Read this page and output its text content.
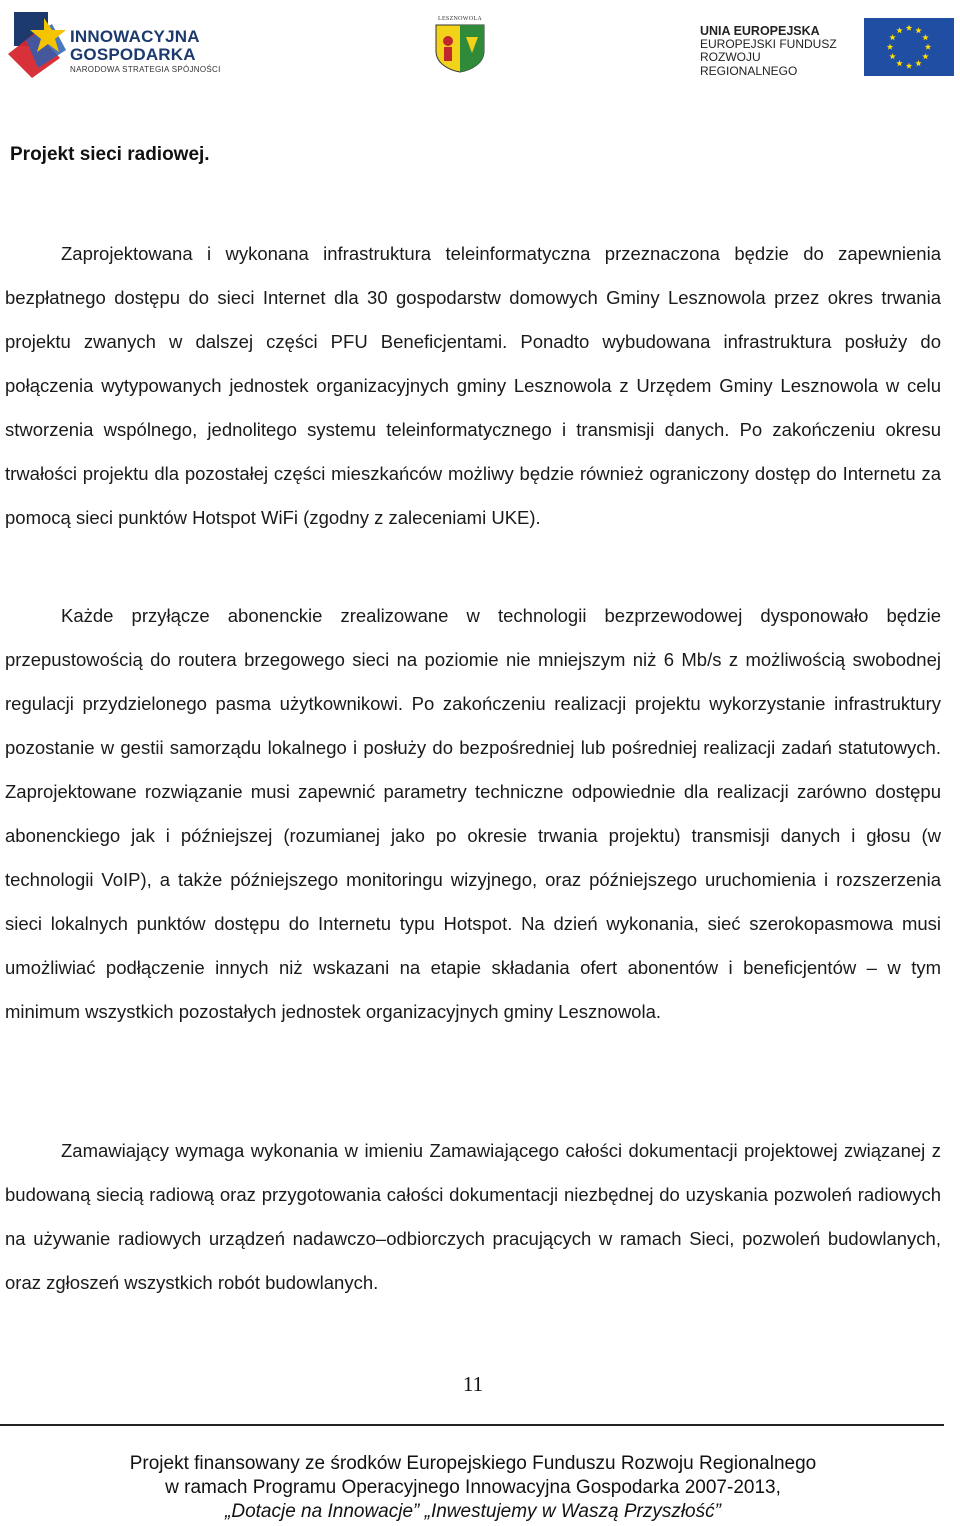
INNOWACYJNA
GOSPODARKA
NARODOWA STRATEGIA SPÓJNOŚCI
LESZNOWOLA
UNIA EUROPEJSKA
EUROPEJSKI FUNDUSZ
ROZWOJU REGIONALNEGO
Projekt sieci radiowej.

Zaprojektowana i wykonana infrastruktura teleinformatyczna przeznaczona będzie do zapewnienia bezpłatnego dostępu do sieci Internet dla 30 gospodarstw domowych Gminy Lesznowola przez okres trwania projektu zwanych w dalszej części PFU Beneficjentami. Ponadto wybudowana infrastruktura posłuży do połączenia wytypowanych jednostek organizacyjnych gminy Lesznowola z Urzędem Gminy Lesznowola w celu stworzenia wspólnego, jednolitego systemu teleinformatycznego i transmisji danych. Po zakończeniu okresu trwałości projektu dla pozostałej części mieszkańców możliwy będzie również ograniczony dostęp do Internetu za pomocą sieci punktów Hotspot WiFi (zgodny z zaleceniami UKE).

Każde przyłącze abonenckie zrealizowane w technologii bezprzewodowej dysponowało będzie przepustowością do routera brzegowego sieci na poziomie nie mniejszym niż 6 Mb/s z możliwością swobodnej regulacji przydzielonego pasma użytkownikowi. Po zakończeniu realizacji projektu wykorzystanie infrastruktury pozostanie w gestii samorządu lokalnego i posłuży do bezpośredniej lub pośredniej realizacji zadań statutowych. Zaprojektowane rozwiązanie musi zapewnić parametry techniczne odpowiednie dla realizacji zarówno dostępu abonenckiego jak i późniejszej (rozumianej jako po okresie trwania projektu) transmisji danych i głosu (w technologii VoIP), a także późniejszego monitoringu wizyjnego, oraz późniejszego uruchomienia i rozszerzenia sieci lokalnych punktów dostępu do Internetu typu Hotspot. Na dzień wykonania, sieć szerokopasmowa musi umożliwiać podłączenie innych niż wskazani na etapie składania ofert abonentów i beneficjentów – w tym minimum wszystkich pozostałych jednostek organizacyjnych gminy Lesznowola.

Zamawiający wymaga wykonania w imieniu Zamawiającego całości dokumentacji projektowej związanej z budowaną siecią radiową oraz przygotowania całości dokumentacji niezbędnej do uzyskania pozwoleń radiowych na używanie radiowych urządzeń nadawczo–odbiorczych pracujących w ramach Sieci, pozwoleń budowlanych, oraz zgłoszeń wszystkich robót budowlanych.

11
Projekt finansowany ze środków Europejskiego Funduszu Rozwoju Regionalnego
w ramach Programu Operacyjnego Innowacyjna Gospodarka 2007-2013,
„Dotacje na Innowacje” „Inwestujemy w Waszą Przyszłość”
